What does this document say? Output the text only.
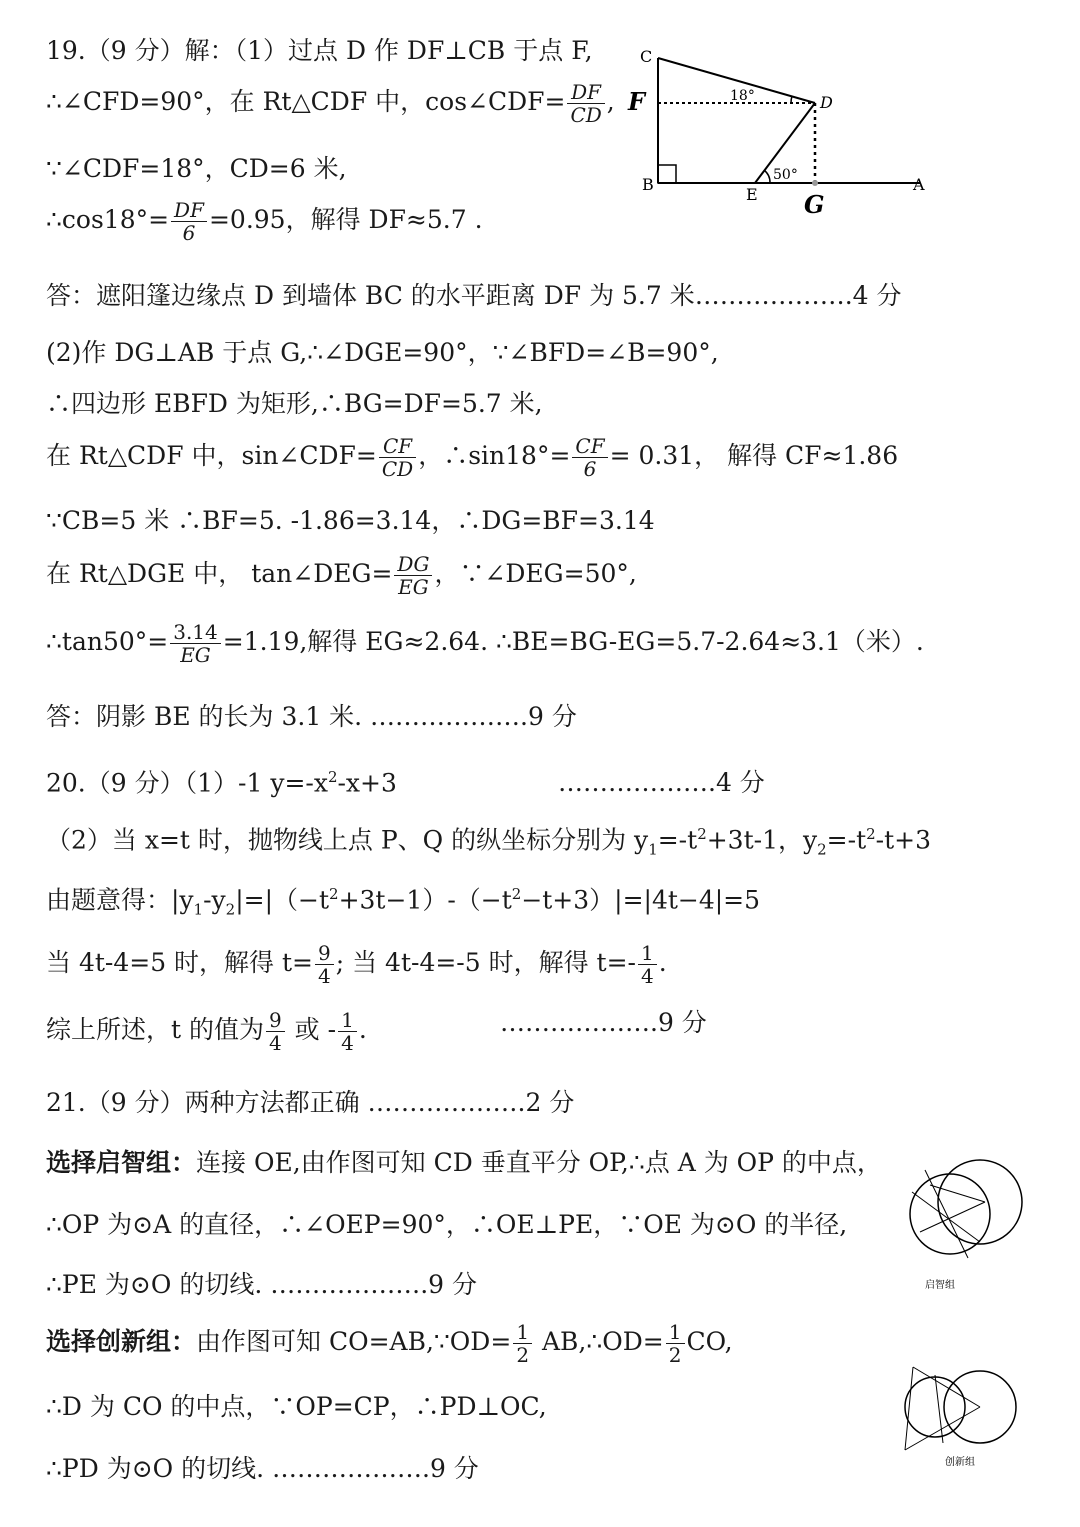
19.（9 分）解：（1）过点 D 作 DF⊥CB 于点 F,
∴∠CFD=90°，在 Rt△CDF 中，cos∠CDF= $\frac{DF}{CD}$ ,
∵∠CDF=18°，CD=6 米,
∴cos18°= $\frac{DF}{6} =0.95$，解得 DF≈5.7 .
答：遮阳篷边缘点 D 到墙体 BC 的水平距离 DF 为 5.7 米……………….4 分
(2)作 DG⊥AB 于点 G,∴∠DGE=90°，∵∠BFD=∠B=90°,
∴四边形 EBFD 为矩形,∴BG=DF=5.7 米,
在 Rt△CDF 中，sin∠CDF= $\frac{CF}{CD}$ ，∴sin18°= $\frac{CF}{6} = 0.31$， 解得 CF≈1.86
∵CB=5 米 ∴BF=5. -1.86=3.14，∴DG=BF=3.14
在 Rt△DGE 中， tan∠DEG= $\frac{DG}{EG}$ ，∵∠DEG=50°,
∴tan50°= $\frac{3.14}{EG} =1.19$,解得 EG≈2.64. ∴BE=BG-EG=5.7-2.64≈3.1（米）.
答：阴影 BE 的长为 3.1 米. ……………….9 分
C
F
B
E G
A
D
18°
50°
20.（9 分）（1）-1 $y=-x^2-x+3$	……………….4 分
（2）当 x=t 时，抛物线上点 P、Q 的纵坐标分别为 $y_1=-t^2+3t-1$，$y_2=-t^2-t+3$
由题意得：$|y_1-y_2|=|(-t^2+3t-1)-(-t^2-t+3)|=|4t-4|=5$
当 4t-4=5 时，解得 $t= \frac{9}{4}$ ; 当 4t-4=-5 时，解得 $t=- \frac{1}{4}$ .
综上所述，t 的值为 $\frac{9}{4}$ 或 - $\frac{1}{4}$ .	……………….9 分
21.（9 分）两种方法都正确 ……………….2 分
选择启智组：连接 OE,由作图可知 CD 垂直平分 OP,∴点 A 为 OP 的中点，
∴OP 为⊙A 的直径，∴∠OEP=90°，∴OE⊥PE，∵OE 为⊙O 的半径,
∴PE 为⊙O 的切线. ……………….9 分
选择创新组：由作图可知 CO=AB,∵OD= $\frac{1}{2}$ AB,∴OD= $\frac{1}{2}$ CO,
∴D 为 CO 的中点，∵OP=CP，∴PD⊥OC,
∴PD 为⊙O 的切线. ……………….9 分
启智组
创新组
